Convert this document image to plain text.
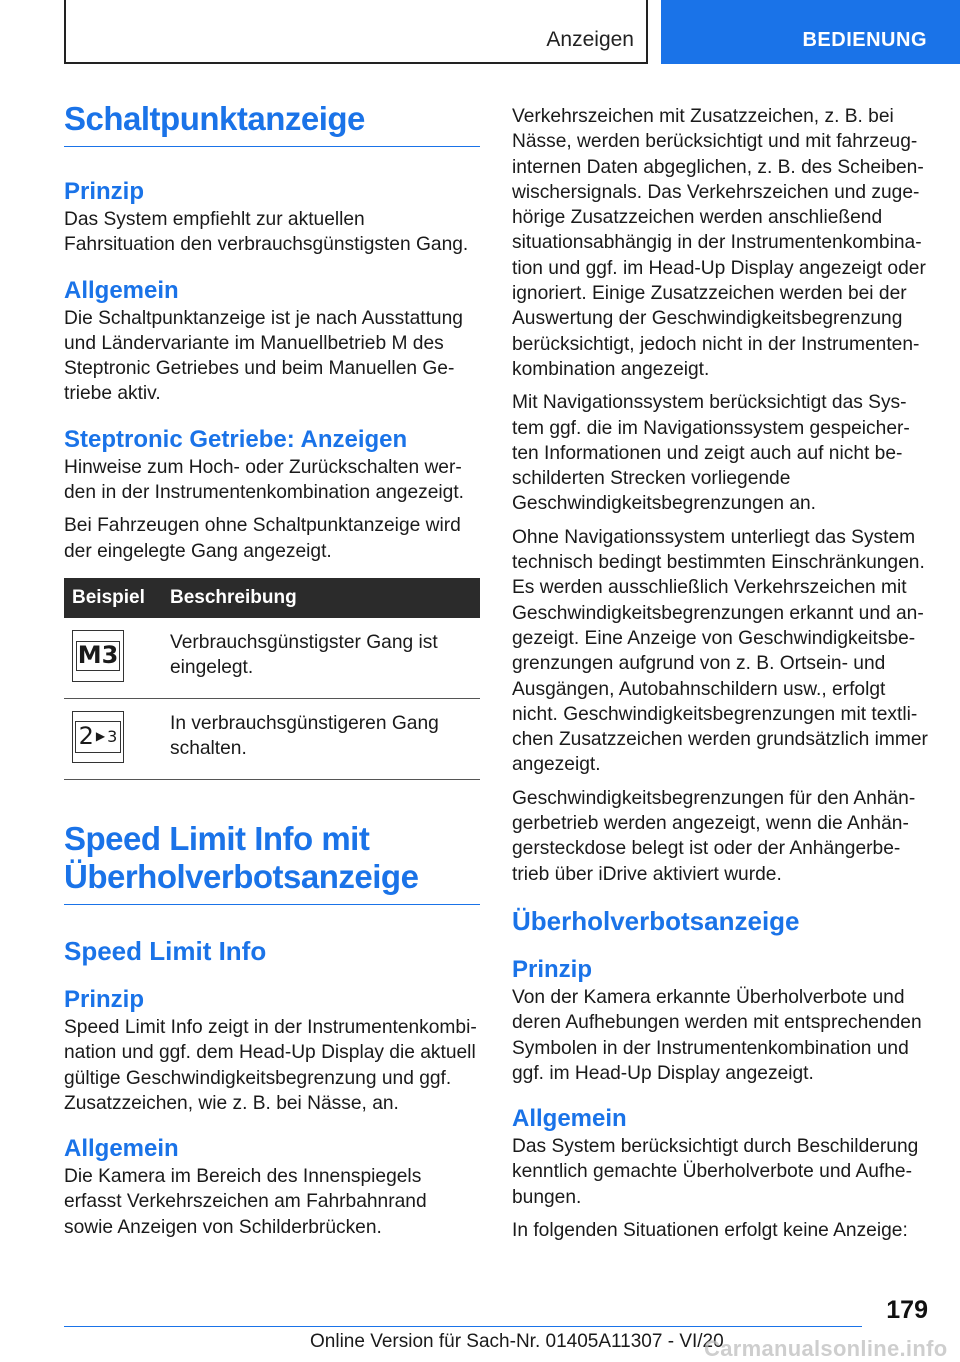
Anzeigen	BEDIENUNG
Schaltpunktanzeige
Prinzip

Das System empfiehlt zur aktuellen Fahrsituation den verbrauchsgünstigsten Gang.

Allgemein

Die Schaltpunktanzeige ist je nach Ausstattung und Ländervariante im Manuellbetrieb M des Steptronic Getriebes und beim Manuellen Getriebe aktiv.

Steptronic Getriebe: Anzeigen

Hinweise zum Hoch- oder Zurückschalten werden in der Instrumentenkombination angezeigt.

Bei Fahrzeugen ohne Schaltpunktanzeige wird der eingelegte Gang angezeigt.

Beispiel	Beschreibung

M3	Verbrauchsgünstigster Gang ist eingelegt.

2 ▶ 3	In verbrauchsgünstigeren Gang schalten.
Speed Limit Info mit Überholverbotsanzeige
Speed Limit Info
Prinzip

Speed Limit Info zeigt in der Instrumentenkombination und ggf. dem Head-Up Display die aktuell gültige Geschwindigkeitsbegrenzung und ggf. Zusatzzeichen, wie z. B. bei Nässe, an.

Allgemein

Die Kamera im Bereich des Innenspiegels erfasst Verkehrszeichen am Fahrbahnrand sowie Anzeigen von Schilderbrücken.

Verkehrszeichen mit Zusatzzeichen, z. B. bei Nässe, werden berücksichtigt und mit fahrzeuginternen Daten abgeglichen, z. B. des Scheibenwischersignals. Das Verkehrszeichen und zugehörige Zusatzzeichen werden anschließend situationsabhängig in der Instrumentenkombination und ggf. im Head-Up Display angezeigt oder ignoriert. Einige Zusatzzeichen werden bei der Auswertung der Geschwindigkeitsbegrenzung berücksichtigt, jedoch nicht in der Instrumentenkombination angezeigt.

Mit Navigationssystem berücksichtigt das System ggf. die im Navigationssystem gespeicherten Informationen und zeigt auch auf nicht beschilderten Strecken vorliegende Geschwindigkeitsbegrenzungen an.

Ohne Navigationssystem unterliegt das System technisch bedingt bestimmten Einschränkungen. Es werden ausschließlich Verkehrszeichen mit Geschwindigkeitsbegrenzungen erkannt und angezeigt. Eine Anzeige von Geschwindigkeitsbegrenzungen aufgrund von z. B. Ortsein- und Ausgängen, Autobahnschildern usw., erfolgt nicht. Geschwindigkeitsbegrenzungen mit textlichen Zusatzzeichen werden grundsätzlich immer angezeigt.

Geschwindigkeitsbegrenzungen für den Anhängerbetrieb werden angezeigt, wenn die Anhängersteckdose belegt ist oder der Anhängerbetrieb über iDrive aktiviert wurde.

Überholverbotsanzeige
Prinzip

Von der Kamera erkannte Überholverbote und deren Aufhebungen werden mit entsprechenden Symbolen in der Instrumentenkombination und ggf. im Head-Up Display angezeigt.

Allgemein

Das System berücksichtigt durch Beschilderung kenntlich gemachte Überholverbote und Aufhebungen.

In folgenden Situationen erfolgt keine Anzeige:

179
Online Version für Sach-Nr. 01405A11307 - VI/20
Carmanualsonline.info
